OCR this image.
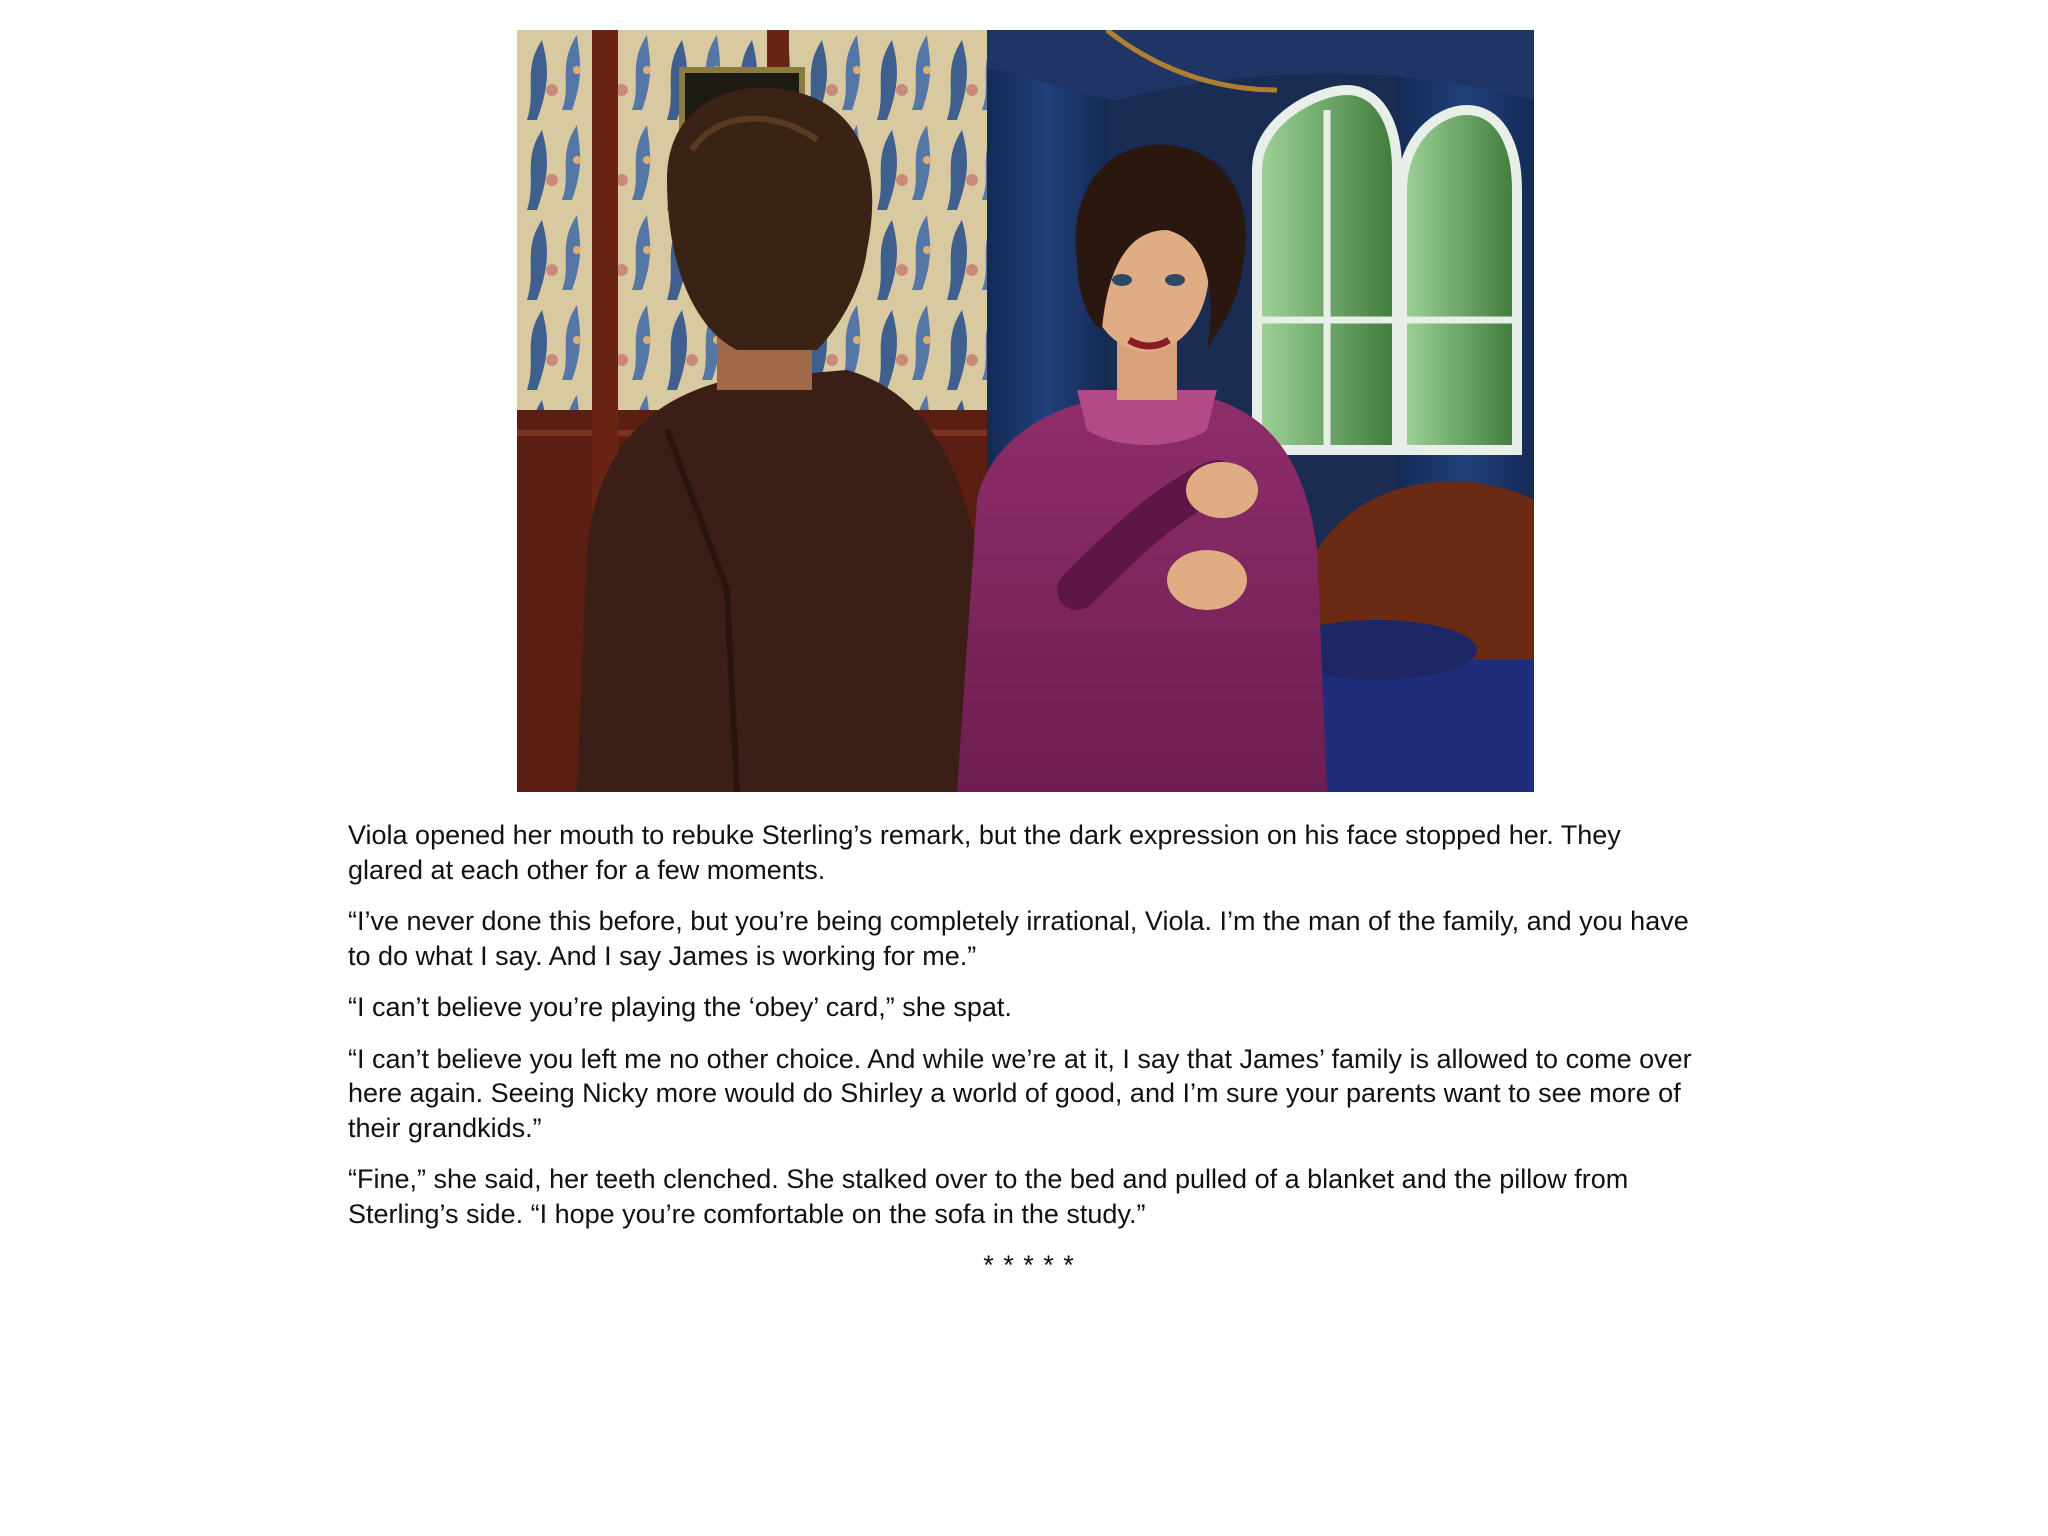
Viola opened her mouth to rebuke Sterling’s remark, but the dark expression on his face stopped her. They glared at each other for a few moments.

“I’ve never done this before, but you’re being completely irrational, Viola. I’m the man of the family, and you have to do what I say. And I say James is working for me.”

“I can’t believe you’re playing the ‘obey’ card,” she spat.

“I can’t believe you left me no other choice. And while we’re at it, I say that James’ family is allowed to come over here again. Seeing Nicky more would do Shirley a world of good, and I’m sure your parents want to see more of their grandkids.”

“Fine,” she said, her teeth clenched. She stalked over to the bed and pulled of a blanket and the pillow from Sterling’s side. “I hope you’re comfortable on the sofa in the study.”

* * * * *
